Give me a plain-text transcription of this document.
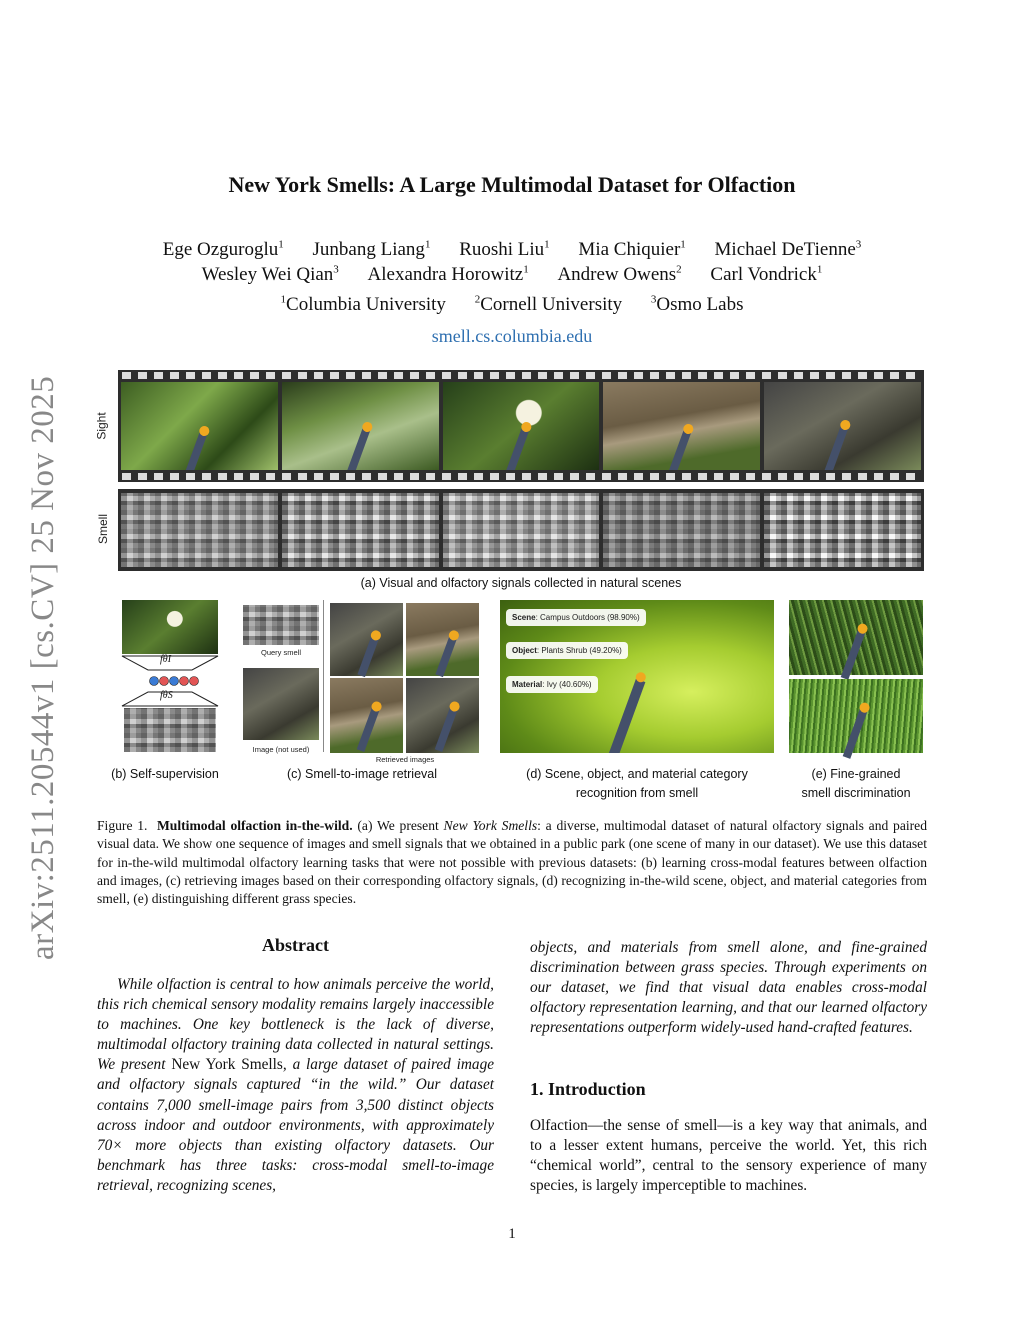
arXiv:2511.20544v1 [cs.CV] 25 Nov 2025
New York Smells: A Large Multimodal Dataset for Olfaction
Ege Ozguroglu$^1$ Junbang Liang$^1$ Ruoshi Liu$^1$ Mia Chiquier$^1$ Michael DeTienne$^3$
Wesley Wei Qian$^3$ Alexandra Horowitz$^1$ Andrew Owens$^2$ Carl Vondrick$^1$
$^1$Columbia University	$^2$Cornell University	$^3$Osmo Labs
smell.cs.columbia.edu
Sight
Smell
(a) Visual and olfactory signals collected in natural scenes
fθI
fθS
(b) Self-supervision
Query smell
Image (not used)
Retrieved images
(c) Smell-to-image retrieval
Scene: Campus Outdoors (98.90%)
Object: Plants Shrub (49.20%)
Material: Ivy (40.60%)
(d) Scene, object, and material category
recognition from smell
(e) Fine-grained
smell discrimination
Figure 1. Multimodal olfaction in-the-wild. (a) We present New York Smells: a diverse, multimodal dataset of natural olfactory signals and paired visual data. We show one sequence of images and smell signals that we obtained in a public park (one scene of many in our dataset). We use this dataset for in-the-wild multimodal olfactory learning tasks that were not possible with previous datasets: (b) learning cross-modal features between olfaction and images, (c) retrieving images based on their corresponding olfactory signals, (d) recognizing in-the-wild scene, object, and material categories from smell, (e) distinguishing different grass species.
Abstract
While olfaction is central to how animals perceive the world, this rich chemical sensory modality remains largely inaccessible to machines. One key bottleneck is the lack of diverse, multimodal olfactory training data collected in natural settings. We present New York Smells, a large dataset of paired image and olfactory signals captured “in the wild.” Our dataset contains 7,000 smell-image pairs from 3,500 distinct objects across indoor and outdoor environments, with approximately 70× more objects than existing olfactory datasets. Our benchmark has three tasks: cross-modal smell-to-image retrieval, recognizing scenes,
objects, and materials from smell alone, and fine-grained discrimination between grass species. Through experiments on our dataset, we find that visual data enables cross-modal olfactory representation learning, and that our learned olfactory representations outperform widely-used hand-crafted features.
1. Introduction
Olfaction—the sense of smell—is a key way that animals, and to a lesser extent humans, perceive the world. Yet, this rich “chemical world”, central to the sensory experience of many species, is largely imperceptible to machines.
1
